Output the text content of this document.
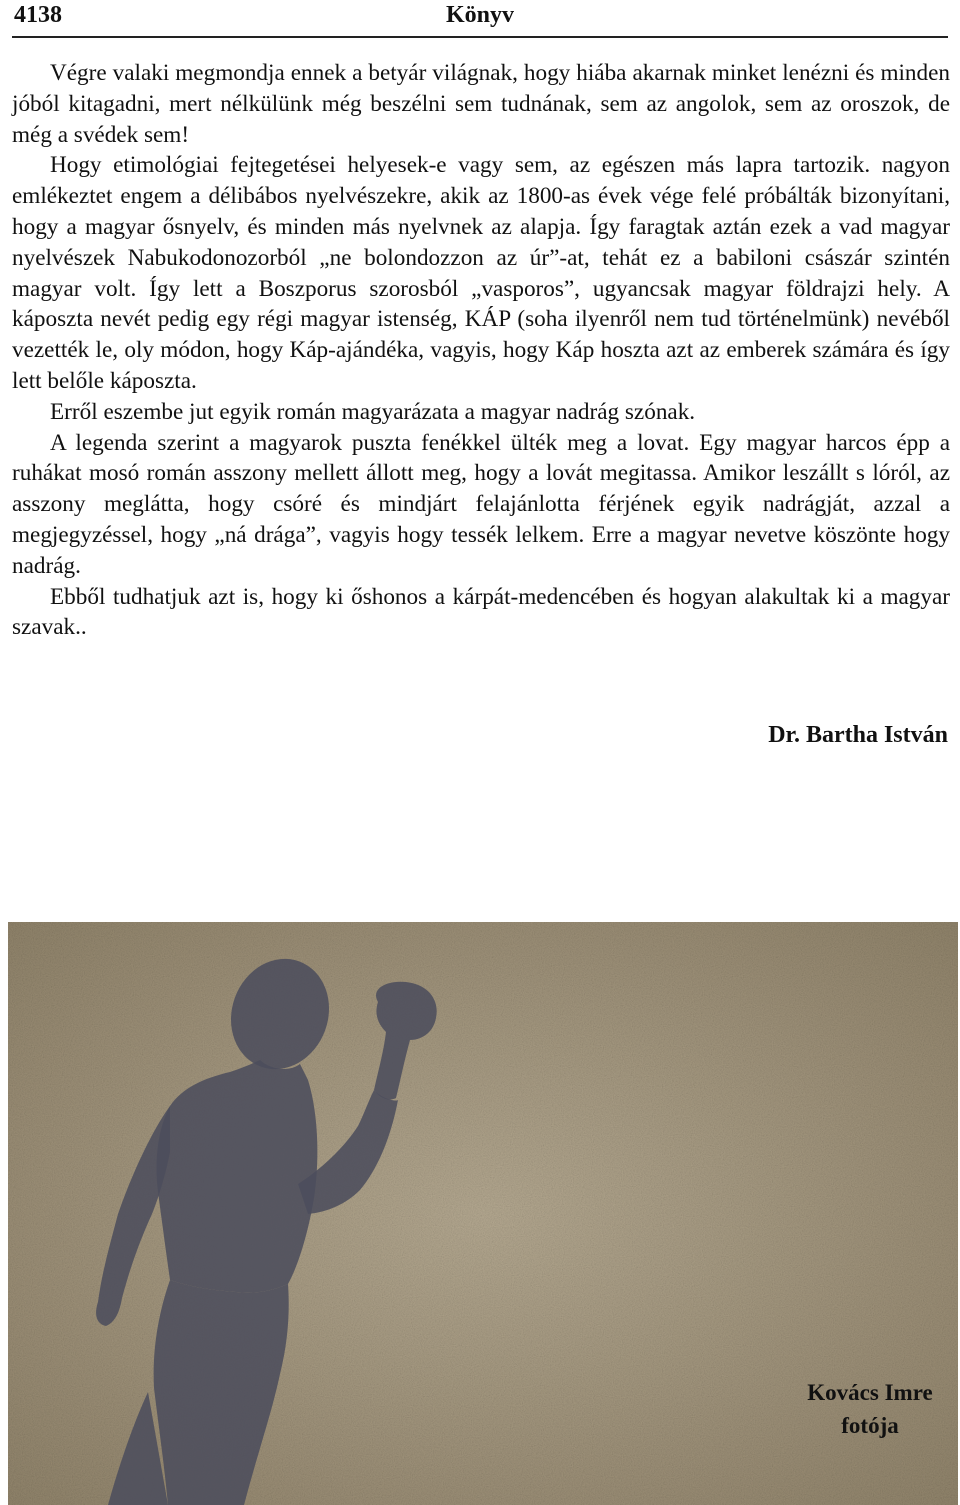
4138	Könyv

Végre valaki megmondja ennek a betyár világnak, hogy hiába akarnak minket lenézni és minden jóból kitagadni, mert nélkülünk még beszélni sem tudnának, sem az angolok, sem az oroszok, de még a svédek sem!

Hogy etimológiai fejtegetései helyesek-e vagy sem, az egészen más lapra tartozik. nagyon emlékeztet engem a délibábos nyelvészekre, akik az 1800-as évek vége felé próbálták bizonyítani, hogy a magyar ősnyelv, és minden más nyelvnek az alapja. Így faragtak aztán ezek a vad magyar nyelvészek Nabukodonozorból „ne bolondozzon az úr”-at, tehát ez a babiloni császár szintén magyar volt. Így lett a Boszporus szorosból „vasporos”, ugyancsak magyar földrajzi hely. A káposzta nevét pedig egy régi magyar istenség, KÁP (soha ilyenről nem tud történelmünk) nevéből vezették le, oly módon, hogy Káp-ajándéka, vagyis, hogy Káp hoszta azt az emberek számára és így lett belőle káposzta.

Erről eszembe jut egyik román magyarázata a magyar nadrág szónak.

A legenda szerint a magyarok puszta fenékkel ülték meg a lovat. Egy magyar harcos épp a ruhákat mosó román asszony mellett állott meg, hogy a lovát megitassa. Amikor leszállt s lóról, az asszony meglátta, hogy csóré és mindjárt felajánlotta férjének egyik nadrágját, azzal a megjegyzéssel, hogy „ná drága”, vagyis hogy tessék lelkem. Erre a magyar nevetve köszönte hogy nadrág.

Ebből tudhatjuk azt is, hogy ki őshonos a kárpát-medencében és hogyan alakultak ki a magyar szavak..

Dr. Bartha István
Kovács Imre
fotója
